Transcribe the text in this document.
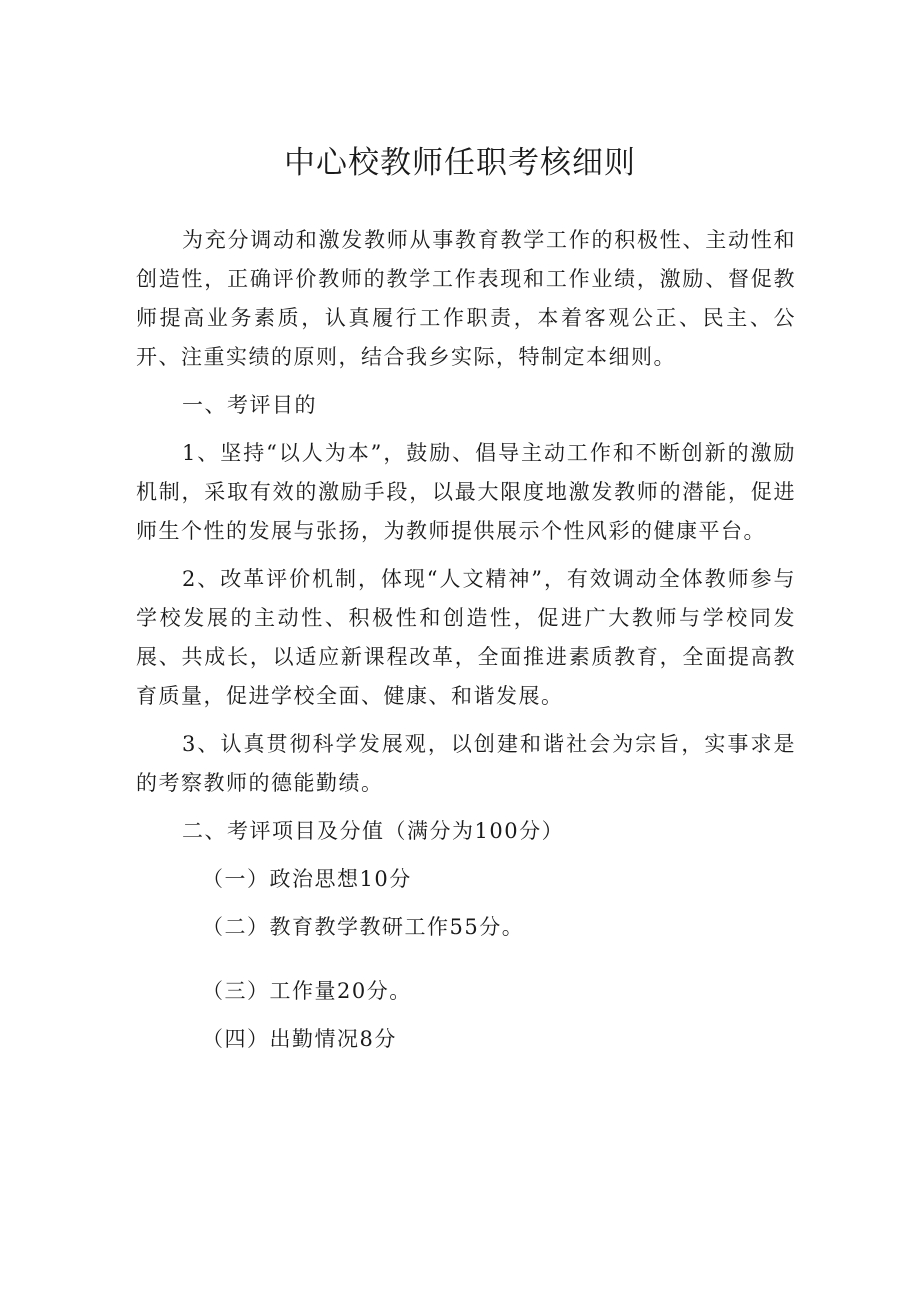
中心校教师任职考核细则

为充分调动和激发教师从事教育教学工作的积极性、主动性和创造性，正确评价教师的教学工作表现和工作业绩，激励、督促教师提高业务素质，认真履行工作职责，本着客观公正、民主、公开、注重实绩的原则，结合我乡实际，特制定本细则。

一、考评目的

1、坚持“以人为本”，鼓励、倡导主动工作和不断创新的激励机制，采取有效的激励手段，以最大限度地激发教师的潜能，促进师生个性的发展与张扬，为教师提供展示个性风彩的健康平台。

2、改革评价机制，体现“人文精神”，有效调动全体教师参与学校发展的主动性、积极性和创造性，促进广大教师与学校同发展、共成长，以适应新课程改革，全面推进素质教育，全面提高教育质量，促进学校全面、健康、和谐发展。

3、认真贯彻科学发展观，以创建和谐社会为宗旨，实事求是的考察教师的德能勤绩。

二、考评项目及分值（满分为100分）

（一）政治思想10分

（二）教育教学教研工作55分。

（三）工作量20分。

（四）出勤情况8分
